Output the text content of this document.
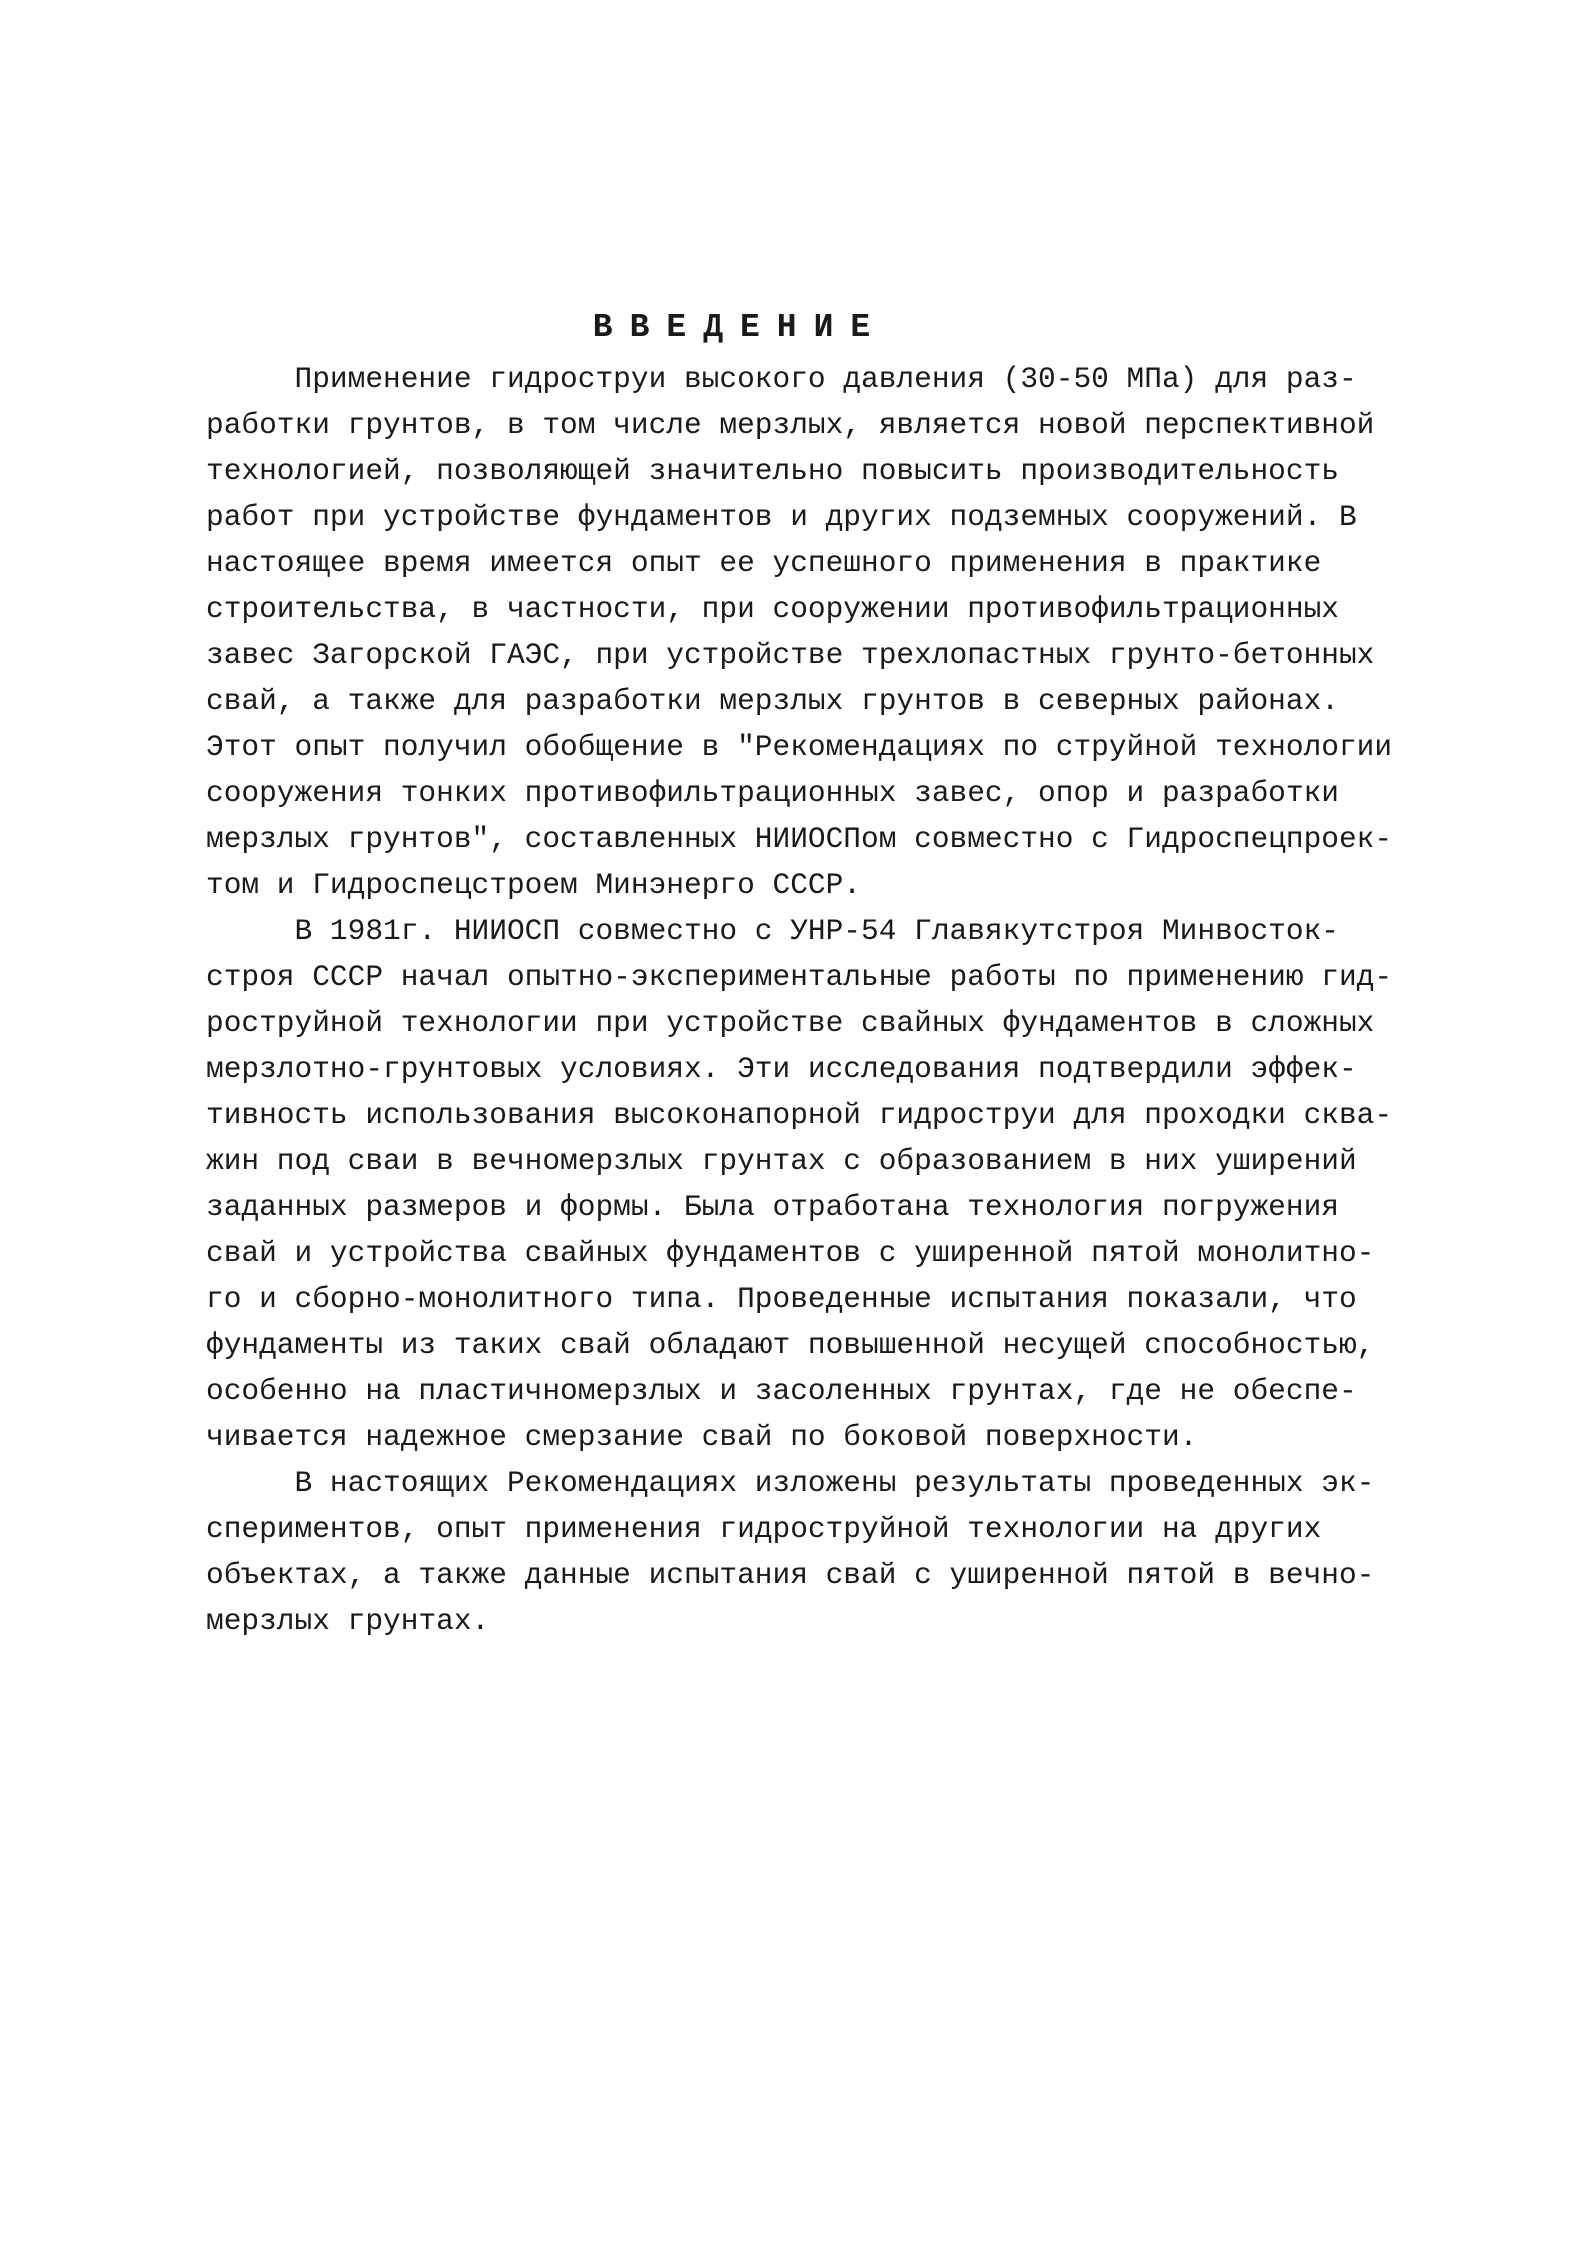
ВВЕДЕНИЕ

Применение гидроструи высокого давления (30-50 МПа) для раз-

работки грунтов, в том числе мерзлых, является новой перспективной

технологией, позволяющей значительно повысить производительность

работ при устройстве фундаментов и других подземных сооружений. В

настоящее время имеется опыт ее успешного применения в практике

строительства, в частности, при сооружении противофильтрационных

завес Загорской ГАЭС, при устройстве трехлопастных грунто-бетонных

свай, а также для разработки мерзлых грунтов в северных районах.

Этот опыт получил обобщение в "Рекомендациях по струйной технологии

сооружения тонких противофильтрационных завес, опор и разработки

мерзлых грунтов", составленных НИИОСПом совместно с Гидроспецпроек-

том и Гидроспецстроем Минэнерго СССР.

В 1981г. НИИОСП совместно с УНР-54 Главякутстроя Минвосток-

строя СССР начал опытно-экспериментальные работы по применению гид-

роструйной технологии при устройстве свайных фундаментов в сложных

мерзлотно-грунтовых условиях. Эти исследования подтвердили эффек-

тивность использования высоконапорной гидроструи для проходки сква-

жин под сваи в вечномерзлых грунтах с образованием в них уширений

заданных размеров и формы. Была отработана технология погружения

свай и устройства свайных фундаментов с уширенной пятой монолитно-

го и сборно-монолитного типа. Проведенные испытания показали, что

фундаменты из таких свай обладают повышенной несущей способностью,

особенно на пластичномерзлых и засоленных грунтах, где не обеспе-

чивается надежное смерзание свай по боковой поверхности.

В настоящих Рекомендациях изложены результаты проведенных эк-

спериментов, опыт применения гидроструйной технологии на других

объектах, а также данные испытания свай с уширенной пятой в вечно-

мерзлых грунтах.
